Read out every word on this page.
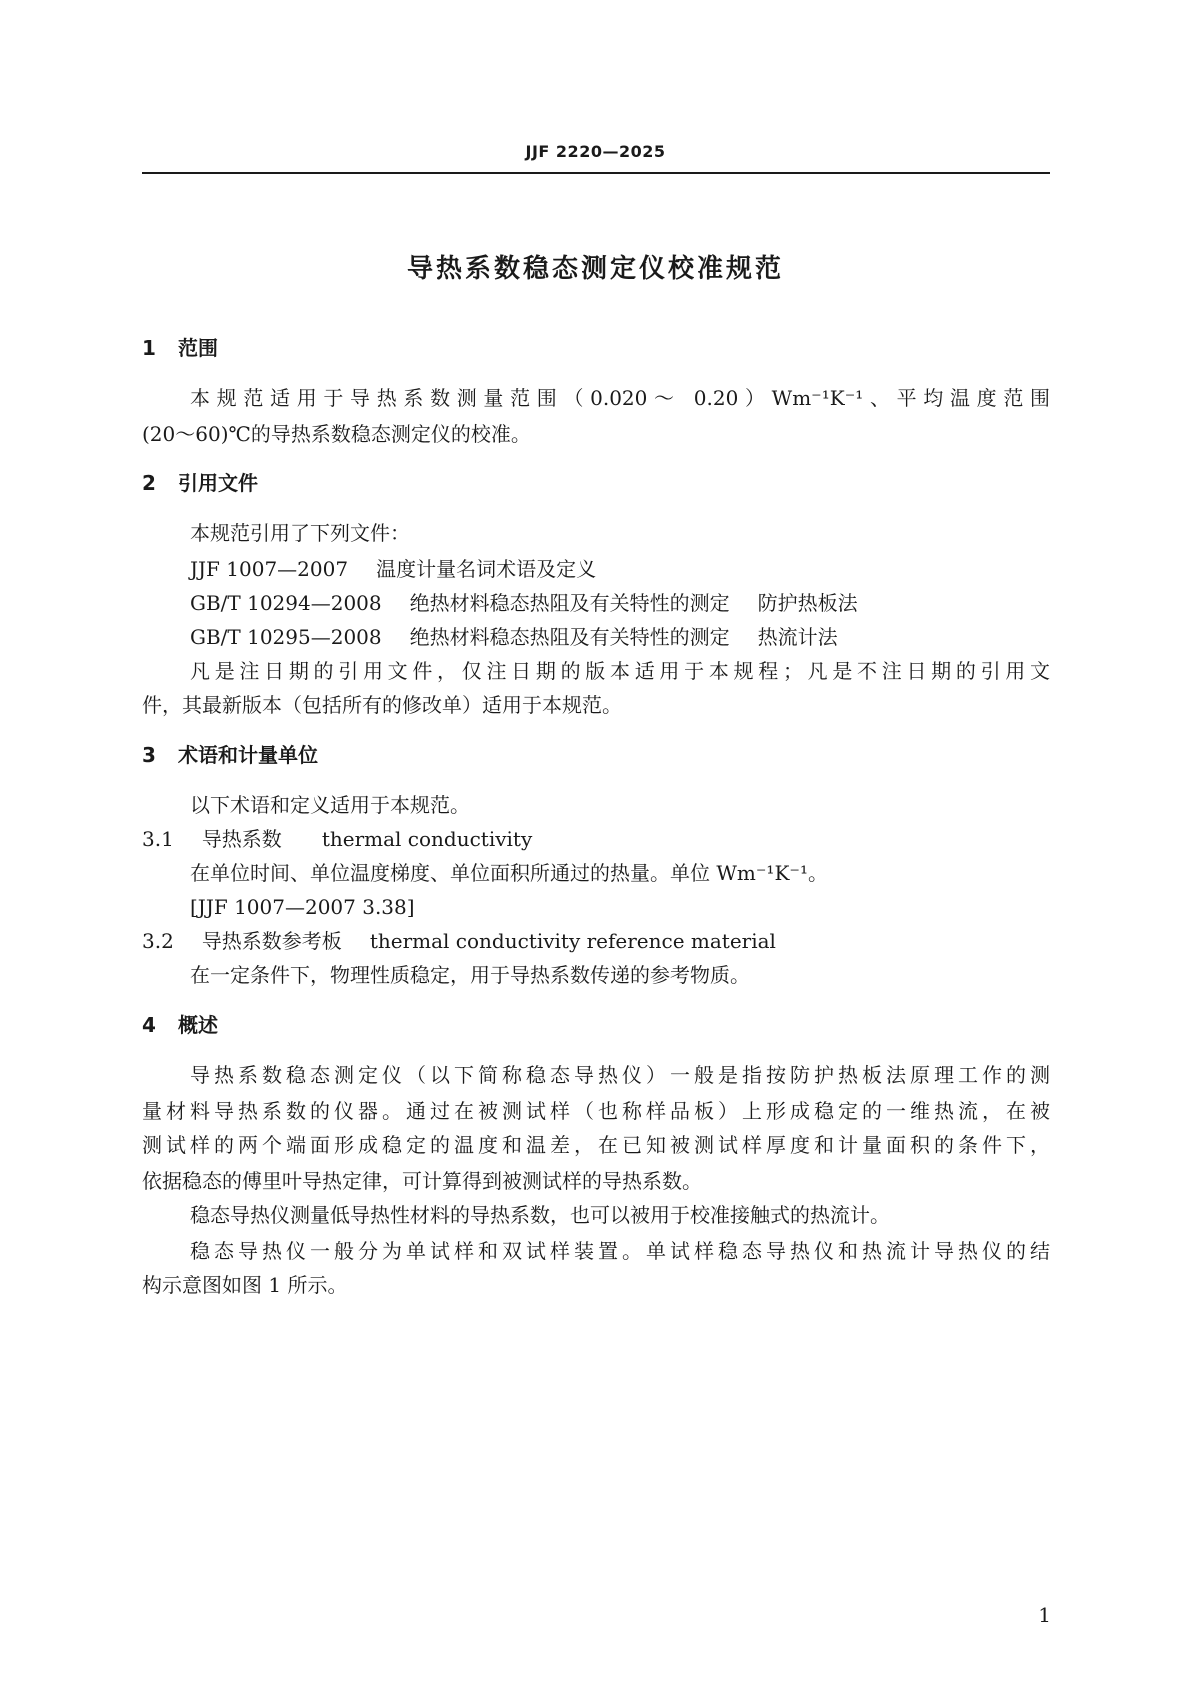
JJF 2220—2025
导热系数稳态测定仪校准规范
1 范围
本规范适用于导热系数测量范围（0.020～ 0.20）Wm⁻¹K⁻¹、平均温度范围
(20～60)℃的导热系数稳态测定仪的校准。
2 引用文件
本规范引用了下列文件：
JJF 1007—2007 温度计量名词术语及定义
GB/T 10294—2008 绝热材料稳态热阻及有关特性的测定 防护热板法
GB/T 10295—2008 绝热材料稳态热阻及有关特性的测定 热流计法
凡是注日期的引用文件，仅注日期的版本适用于本规程；凡是不注日期的引用文
件，其最新版本（包括所有的修改单）适用于本规范。
3 术语和计量单位
以下术语和定义适用于本规范。
3.1 导热系数 thermal conductivity
在单位时间、单位温度梯度、单位面积所通过的热量。单位 Wm⁻¹K⁻¹。
[JJF 1007—2007 3.38]
3.2 导热系数参考板 thermal conductivity reference material
在一定条件下，物理性质稳定，用于导热系数传递的参考物质。
4 概述
导热系数稳态测定仪（以下简称稳态导热仪）一般是指按防护热板法原理工作的测
量材料导热系数的仪器。通过在被测试样（也称样品板）上形成稳定的一维热流，在被
测试样的两个端面形成稳定的温度和温差，在已知被测试样厚度和计量面积的条件下，
依据稳态的傅里叶导热定律，可计算得到被测试样的导热系数。
稳态导热仪测量低导热性材料的导热系数，也可以被用于校准接触式的热流计。
稳态导热仪一般分为单试样和双试样装置。单试样稳态导热仪和热流计导热仪的结
构示意图如图 1 所示。
1
